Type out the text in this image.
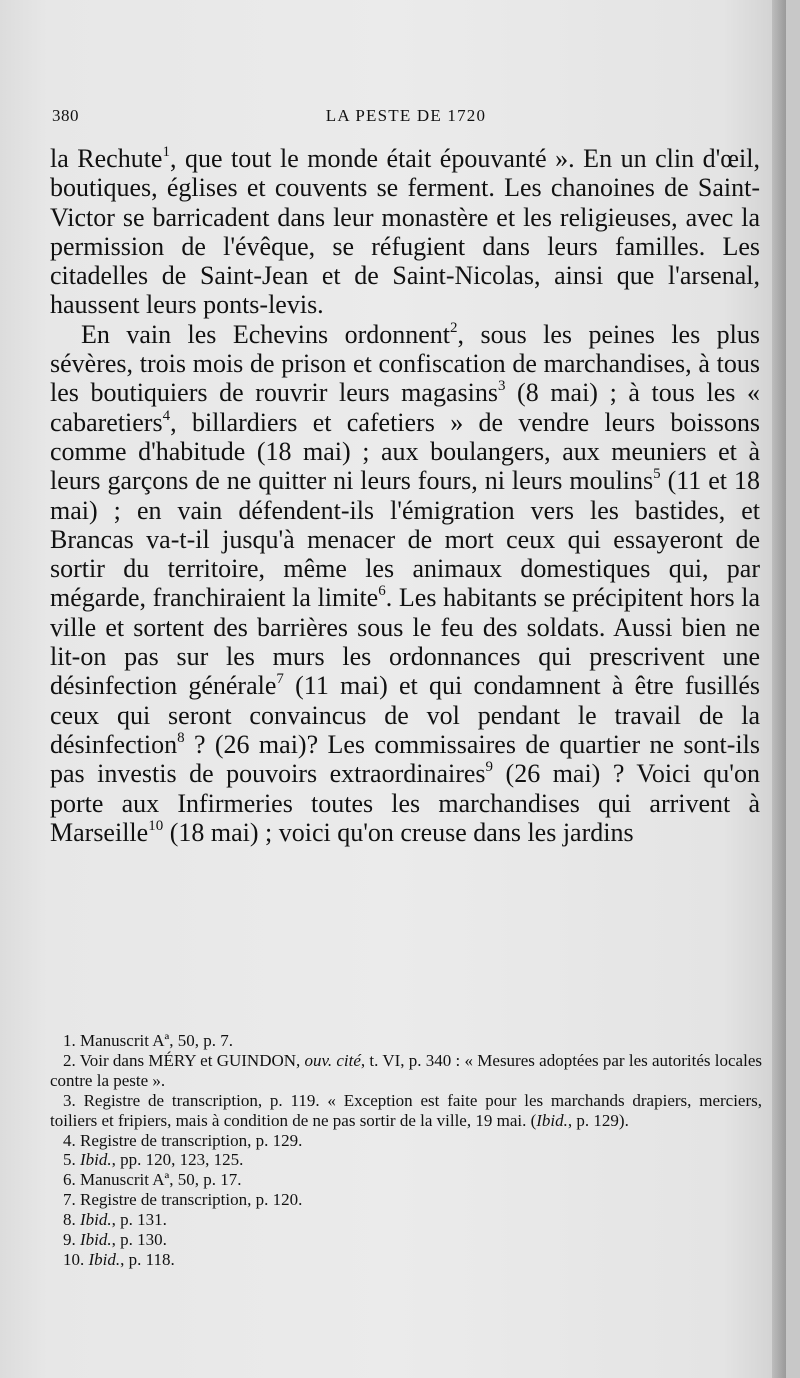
380	LA PESTE DE 1720

la Rechute$^1$, que tout le monde était épouvanté ». En un clin d'œil, boutiques, églises et couvents se ferment. Les chanoines de Saint-Victor se barricadent dans leur monastère et les religieuses, avec la permission de l'évêque, se réfugient dans leurs familles. Les citadelles de Saint-Jean et de Saint-Nicolas, ainsi que l'arsenal, haussent leurs ponts-levis.

En vain les Echevins ordonnent$^2$, sous les peines les plus sévères, trois mois de prison et confiscation de marchandises, à tous les boutiquiers de rouvrir leurs magasins$^3$ (8 mai) ; à tous les « cabaretiers$^4$, billardiers et cafetiers » de vendre leurs boissons comme d'habitude (18 mai) ; aux boulangers, aux meuniers et à leurs garçons de ne quitter ni leurs fours, ni leurs moulins$^5$ (11 et 18 mai) ; en vain défendent-ils l'émigration vers les bastides, et Brancas va-t-il jusqu'à menacer de mort ceux qui essayeront de sortir du territoire, même les animaux domestiques qui, par mégarde, franchiraient la limite$^6$. Les habitants se précipitent hors la ville et sortent des barrières sous le feu des soldats. Aussi bien ne lit-on pas sur les murs les ordonnances qui prescrivent une désinfection générale$^7$ (11 mai) et qui condamnent à être fusillés ceux qui seront convaincus de vol pendant le travail de la désinfection$^8$ ? (26 mai)? Les commissaires de quartier ne sont-ils pas investis de pouvoirs extraordinaires$^9$ (26 mai) ? Voici qu'on porte aux Infirmeries toutes les marchandises qui arrivent à Marseille$^{10}$ (18 mai) ; voici qu'on creuse dans les jardins

1. Manuscrit Aª, 50, p. 7.

2. Voir dans MÉRY et GUINDON, ouv. cité, t. VI, p. 340 : « Mesures adoptées par les autorités locales contre la peste ».

3. Registre de transcription, p. 119. « Exception est faite pour les marchands drapiers, merciers, toiliers et fripiers, mais à condition de ne pas sortir de la ville, 19 mai. (Ibid., p. 129).

4. Registre de transcription, p. 129.

5. Ibid., pp. 120, 123, 125.

6. Manuscrit Aª, 50, p. 17.

7. Registre de transcription, p. 120.

8. Ibid., p. 131.

9. Ibid., p. 130.

10. Ibid., p. 118.
